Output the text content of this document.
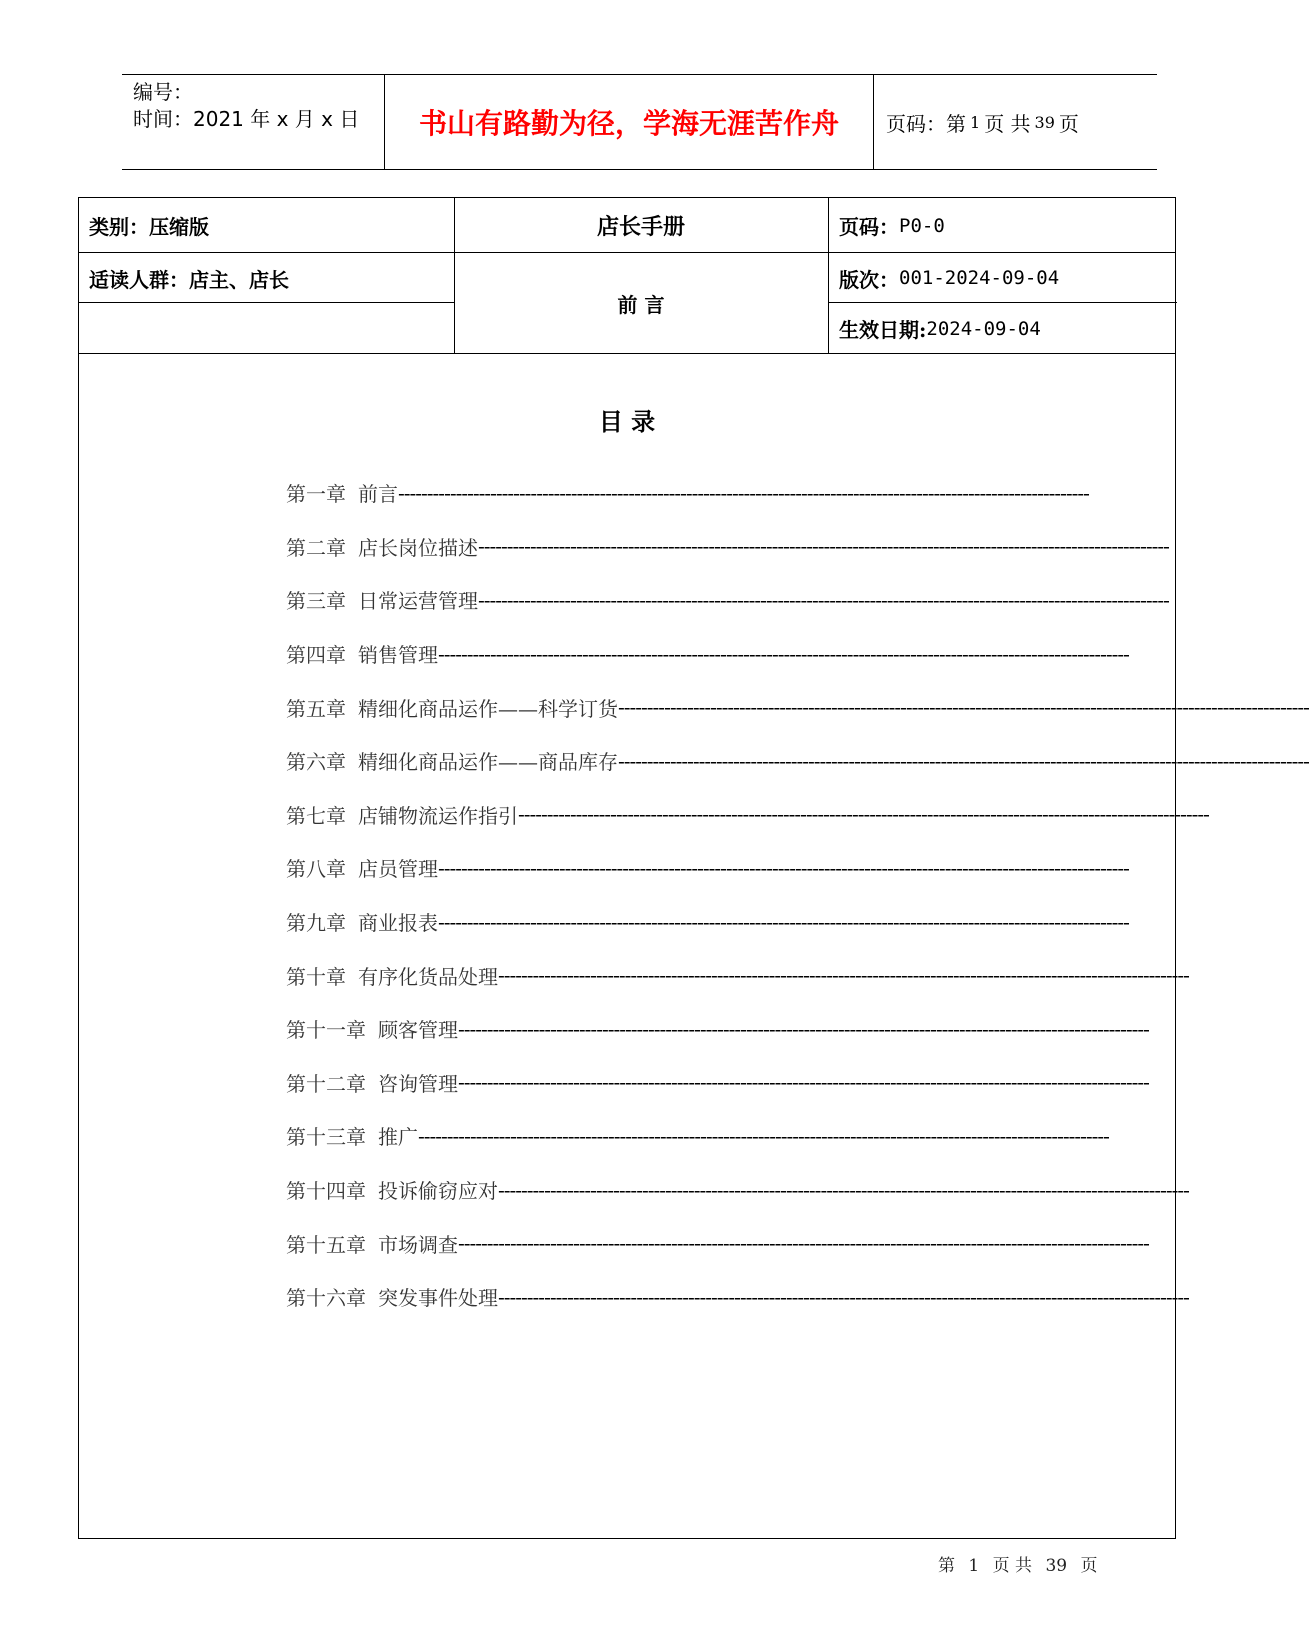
编号：
时间：2021 年 x 月 x 日	书山有路勤为径，学海无涯苦作舟	页码：第 1 页 共 39 页
类别：压缩版
适读人群：店主、店长
店长手册
前 言
页码： P0-0
版次： 001-2024-09-04
生效日期: 2024-09-04
目 录
第一章 前言 ------------------------------------------------------------------------------------------------------------------------
第二章 店长岗位描述 ------------------------------------------------------------------------------------------------------------------------
第三章 日常运营管理 ------------------------------------------------------------------------------------------------------------------------
第四章 销售管理 ------------------------------------------------------------------------------------------------------------------------
第五章 精细化商品运作——科学订货 ------------------------------------------------------------------------------------------------------------------------
第六章 精细化商品运作——商品库存 ------------------------------------------------------------------------------------------------------------------------
第七章 店铺物流运作指引 ------------------------------------------------------------------------------------------------------------------------
第八章 店员管理 ------------------------------------------------------------------------------------------------------------------------
第九章 商业报表 ------------------------------------------------------------------------------------------------------------------------
第十章 有序化货品处理 ------------------------------------------------------------------------------------------------------------------------
第十一章 顾客管理 ------------------------------------------------------------------------------------------------------------------------
第十二章 咨询管理 ------------------------------------------------------------------------------------------------------------------------
第十三章 推广 ------------------------------------------------------------------------------------------------------------------------
第十四章 投诉偷窃应对 ------------------------------------------------------------------------------------------------------------------------
第十五章 市场调查 ------------------------------------------------------------------------------------------------------------------------
第十六章 突发事件处理 ------------------------------------------------------------------------------------------------------------------------
第 1 页 共 39 页
